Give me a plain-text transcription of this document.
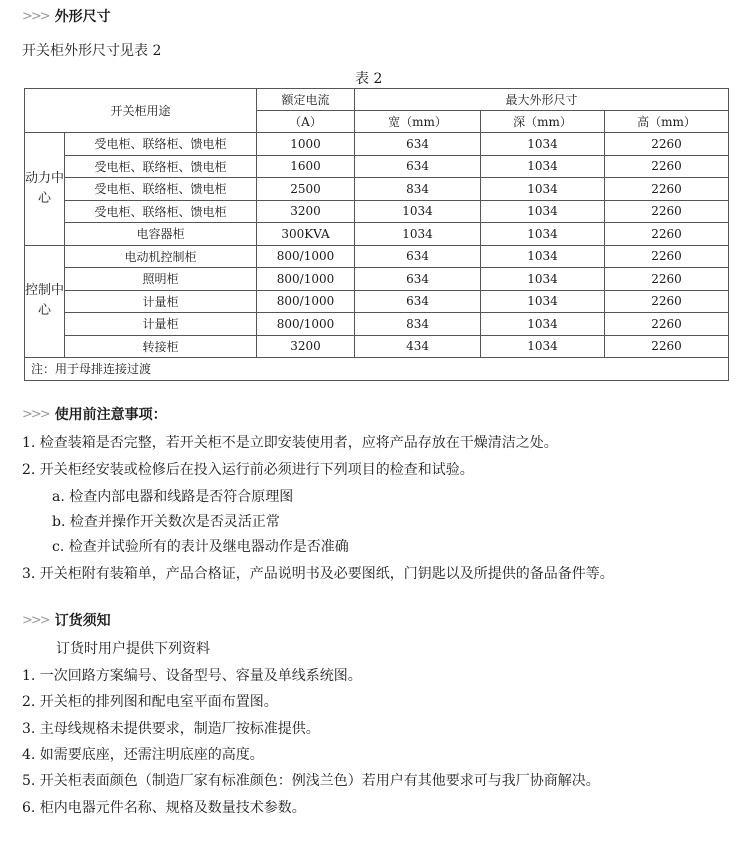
>>> 外形尺寸
开关柜外形尺寸见表 2
表 2
开关柜用途		额定电流	最大外形尺寸		
		（A）	宽（mm）	深（mm）	高（mm）
动力中心	受电柜、联络柜、馈电柜	1000	634	1034	2260
	受电柜、联络柜、馈电柜	1600	634	1034	2260
	受电柜、联络柜、馈电柜	2500	834	1034	2260
	受电柜、联络柜、馈电柜	3200	1034	1034	2260
	电容器柜	300KVA	1034	1034	2260
控制中心	电动机控制柜	800/1000	634	1034	2260
	照明柜	800/1000	634	1034	2260
	计量柜	800/1000	634	1034	2260
	计量柜	800/1000	834	1034	2260
	转接柜	3200	434	1034	2260
注：用于母排连接过渡					
>>> 使用前注意事项：
1. 检查装箱是否完整，若开关柜不是立即安装使用者，应将产品存放在干燥清洁之处。
2. 开关柜经安装或检修后在投入运行前必须进行下列项目的检查和试验。
a. 检查内部电器和线路是否符合原理图
b. 检查并操作开关数次是否灵活正常
c. 检查并试验所有的表计及继电器动作是否准确
3. 开关柜附有装箱单，产品合格证，产品说明书及必要图纸，门钥匙以及所提供的备品备件等。
>>> 订货须知
订货时用户提供下列资料
1. 一次回路方案编号、设备型号、容量及单线系统图。
2. 开关柜的排列图和配电室平面布置图。
3. 主母线规格未提供要求，制造厂按标准提供。
4. 如需要底座，还需注明底座的高度。
5. 开关柜表面颜色（制造厂家有标准颜色：例浅兰色）若用户有其他要求可与我厂协商解决。
6. 柜内电器元件名称、规格及数量技术参数。
